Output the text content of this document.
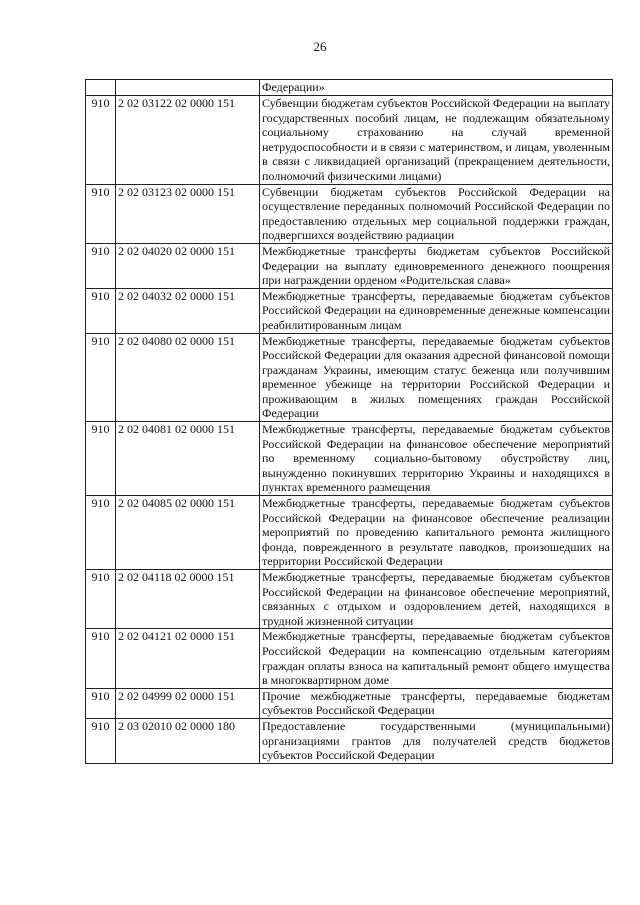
26
		Федерации»
910	2 02 03122 02 0000 151	Субвенции бюджетам субъектов Российской Федерации на выплату государственных пособий лицам, не подлежащим обязательному социальному страхованию на случай временной нетрудоспособности и в связи с материнством, и лицам, уволенным в связи с ликвидацией организаций (прекращением деятельности, полномочий физическими лицами)
910	2 02 03123 02 0000 151	Субвенции бюджетам субъектов Российской Федерации на осуществление переданных полномочий Российской Федерации по предоставлению отдельных мер социальной поддержки граждан, подвергшихся воздействию радиации
910	2 02 04020 02 0000 151	Межбюджетные трансферты бюджетам субъектов Российской Федерации на выплату единовременного денежного поощрения при награждении орденом «Родительская слава»
910	2 02 04032 02 0000 151	Межбюджетные трансферты, передаваемые бюджетам субъектов Российской Федерации на единовременные денежные компенсации реабилитированным лицам
910	2 02 04080 02 0000 151	Межбюджетные трансферты, передаваемые бюджетам субъектов Российской Федерации для оказания адресной финансовой помощи гражданам Украины, имеющим статус беженца или получившим временное убежище на территории Российской Федерации и проживающим в жилых помещениях граждан Российской Федерации
910	2 02 04081 02 0000 151	Межбюджетные трансферты, передаваемые бюджетам субъектов Российской Федерации на финансовое обеспечение мероприятий по временному социально-бытовому обустройству лиц, вынужденно покинувших территорию Украины и находящихся в пунктах временного размещения
910	2 02 04085 02 0000 151	Межбюджетные трансферты, передаваемые бюджетам субъектов Российской Федерации на финансовое обеспечение реализации мероприятий по проведению капитального ремонта жилищного фонда, поврежденного в результате паводков, произошедших на территории Российской Федерации
910	2 02 04118 02 0000 151	Межбюджетные трансферты, передаваемые бюджетам субъектов Российской Федерации на финансовое обеспечение мероприятий, связанных с отдыхом и оздоровлением детей, находящихся в трудной жизненной ситуации
910	2 02 04121 02 0000 151	Межбюджетные трансферты, передаваемые бюджетам субъектов Российской Федерации на компенсацию отдельным категориям граждан оплаты взноса на капитальный ремонт общего имущества в многоквартирном доме
910	2 02 04999 02 0000 151	Прочие межбюджетные трансферты, передаваемые бюджетам субъектов Российской Федерации
910	2 03 02010 02 0000 180	Предоставление государственными (муниципальными) организациями грантов для получателей средств бюджетов субъектов Российской Федерации
